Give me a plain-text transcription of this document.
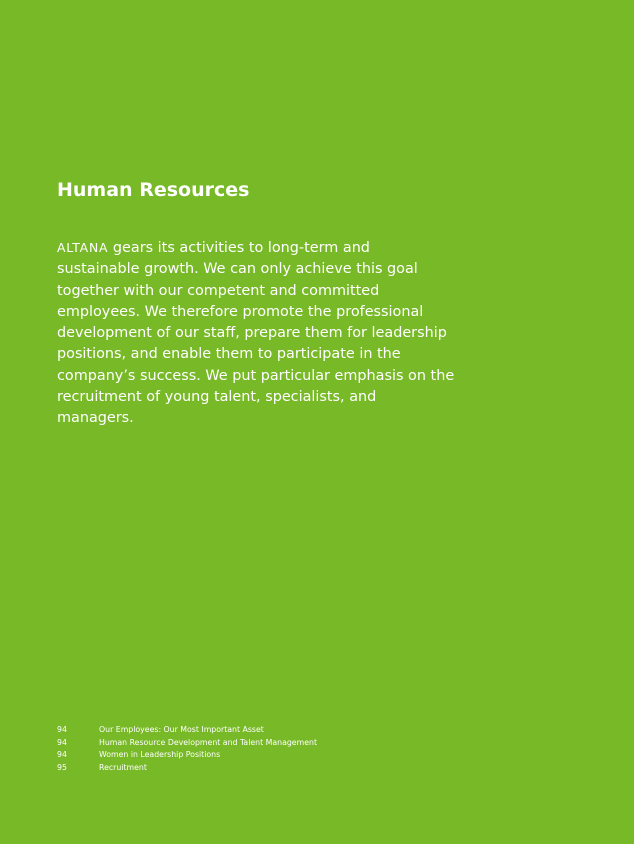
Human Resources

ALTANA gears its activities to long-term and sustainable growth. We can only achieve this goal together with our competent and committed employees. We therefore promote the professional development of our staff, prepare them for leadership positions, and enable them to participate in the company’s success. We put particular emphasis on the recruitment of young talent, specialists, and managers.

94	Our Employees: Our Most Important Asset
94	Human Resource Development and Talent Management
94	Women in Leadership Positions
95	Recruitment
